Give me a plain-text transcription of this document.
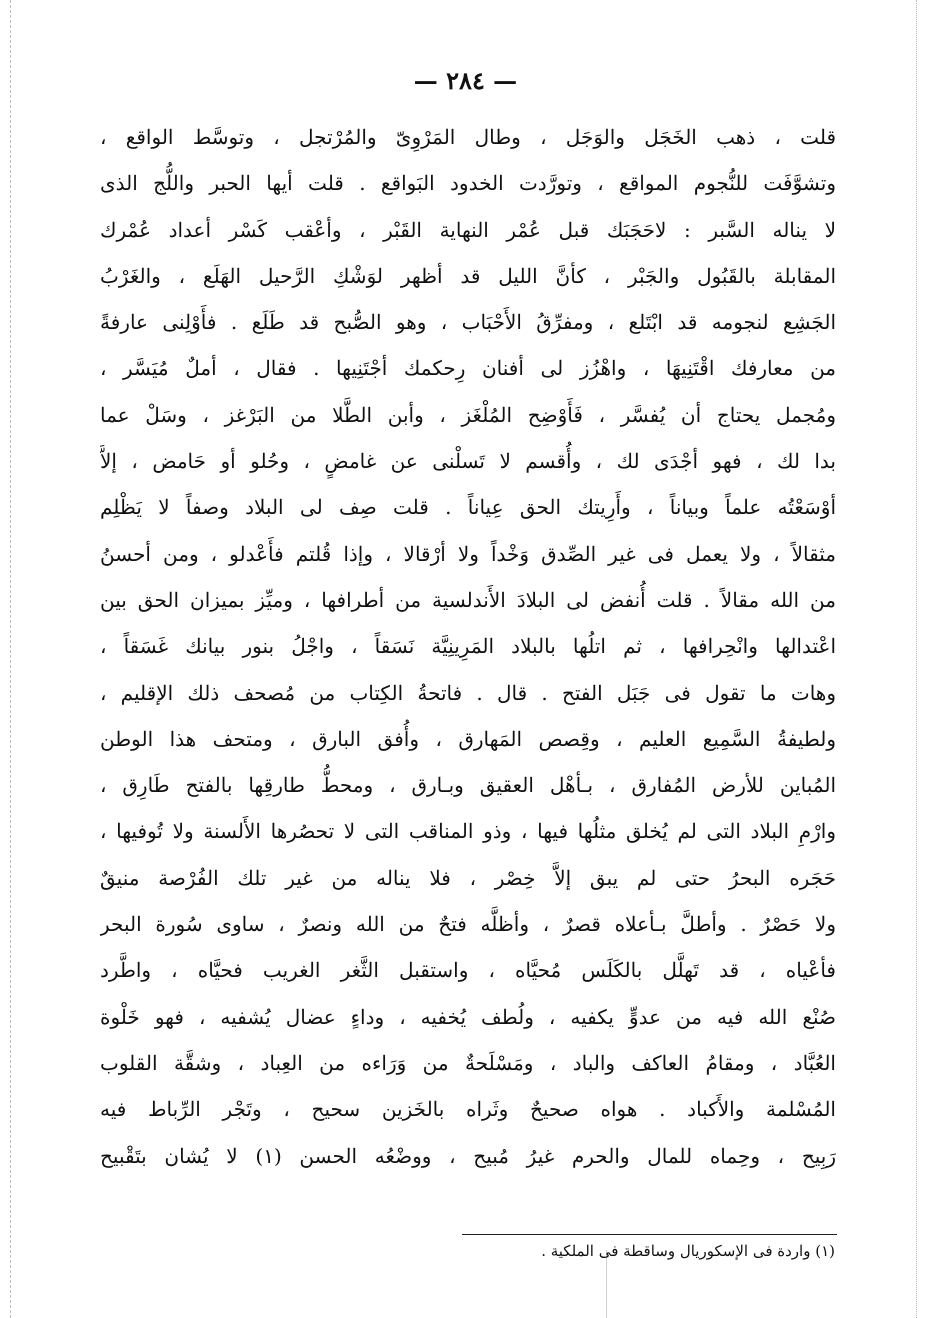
— ٢٨٤ —
قلت ، ذهب الخَجَل والوَجَل ، وطال المَرْوِىّ والمُرْتجل ، وتوسَّط الواقع ،
وتشوَّفَت للنُّجوم المواقع ، وتورَّدت الخدود البَواقع . قلت أيها الحبر واللُّج الذى
لا يناله السَّبر : لاحَجَبَك قبل عُمْر النهاية القَبْر ، وأعْقب كَسْر أعداد عُمْرك
المقابلة بالقَبُول والجَبْر ، كأنَّ الليل قد أظهر لوَشْكِ الرَّحيل الهَلَع ، والغَرْبُ
الجَشِع لنجومه قد ابْتَلع ، ومفرِّقُ الأَحْبَاب ، وهو الصُّبح قد طَلَع . فأَوْلِنى عارفةً
من معارفك اقْتَنِيهَا ، واهْزُز لى أفنان رِحكمك أجْتَنِيها . فقال ، أملٌ مُيَسَّر ،
ومُجمل يحتاج أن يُفسَّر ، فَأَوْضِح المُلْغَز ، وأبن الطَّلا من البَرْغز ، وسَلْ عما
بدا لك ، فهو أجْدَى لك ، وأُقسم لا تَسلْنى عن غامضٍ ، وحُلو أو حَامض ، إلاَّ
أوْسَعْتُه علماً وبياناً ، وأَرِيتك الحق عِياناً . قلت صِف لى البلاد وصفاً لا يَظْلِم
مثقالاً ، ولا يعمل فى غير الصِّدق وَخْداً ولا أرْقالا ، وإذا قُلتم فأَعْدلو ، ومن أحسنُ
من الله مقالاً . قلت أُنفض لى البلادَ الأَندلسية من أطرافها ، وميِّز بميزان الحق بين
اعْتدالها وانْحِرافها ، ثم اتلُها بالبلاد المَرِينِيَّة نَسَقاً ، واجْلُ بنور بيانك غَسَقاً ،
وهات ما تقول فى جَبَل الفتح . قال . فاتحةُ الكِتاب من مُصحف ذلك الإقليم ،
ولطيفةُ السَّمِيع العليم ، وقِصص المَهارق ، وأُفق البارق ، ومتحف هذا الوطن
المُباين للأرض المُفارق ، بـأهْل العقيق وبـارق ، ومحطُّ طارقِها بالفتح طَارِق ،
وارْمِ البلاد التى لم يُخلق مثلُها فيها ، وذو المناقب التى لا تحصُرها الأَلسنة ولا تُوفيها ،
حَجَره البحرُ حتى لم يبق إلاَّ خِصْر ، فلا يناله من غير تلك الفُرْصة منيقٌ
ولا حَصْرٌ . وأطلَّ بـأعلاه قصرٌ ، وأظلَّه فتحٌ من الله ونصرٌ ، ساوى سُورة البحر
فأعْياه ، قد تَهلَّل بالكَلَس مُحيَّاه ، واستقبل الثَّغر الغريب فحيَّاه ، واطَّرد
صُنْع الله فيه من عدوٍّ يكفيه ، ولُطف يُخفيه ، وداءٍ عضال يُشفيه ، فهو خَلْوة
العُبَّاد ، ومقامُ العاكف والباد ، ومَسْلَحةٌ من وَرَاءه من العِباد ، وشقَّة القلوب
المُسْلمة والأَكباد . هواه صحيحٌ وثَراه بالخَزين سحيح ، وتَجْر الرِّباط فيه
رَبِيح ، وحِماه للمال والحرم غيرُ مُبيح ، ووضْعُه الحسن (١) لا يُشان بتَقْبيح
(١) واردة فى الإسكوريال وساقطة فى الملكية .
